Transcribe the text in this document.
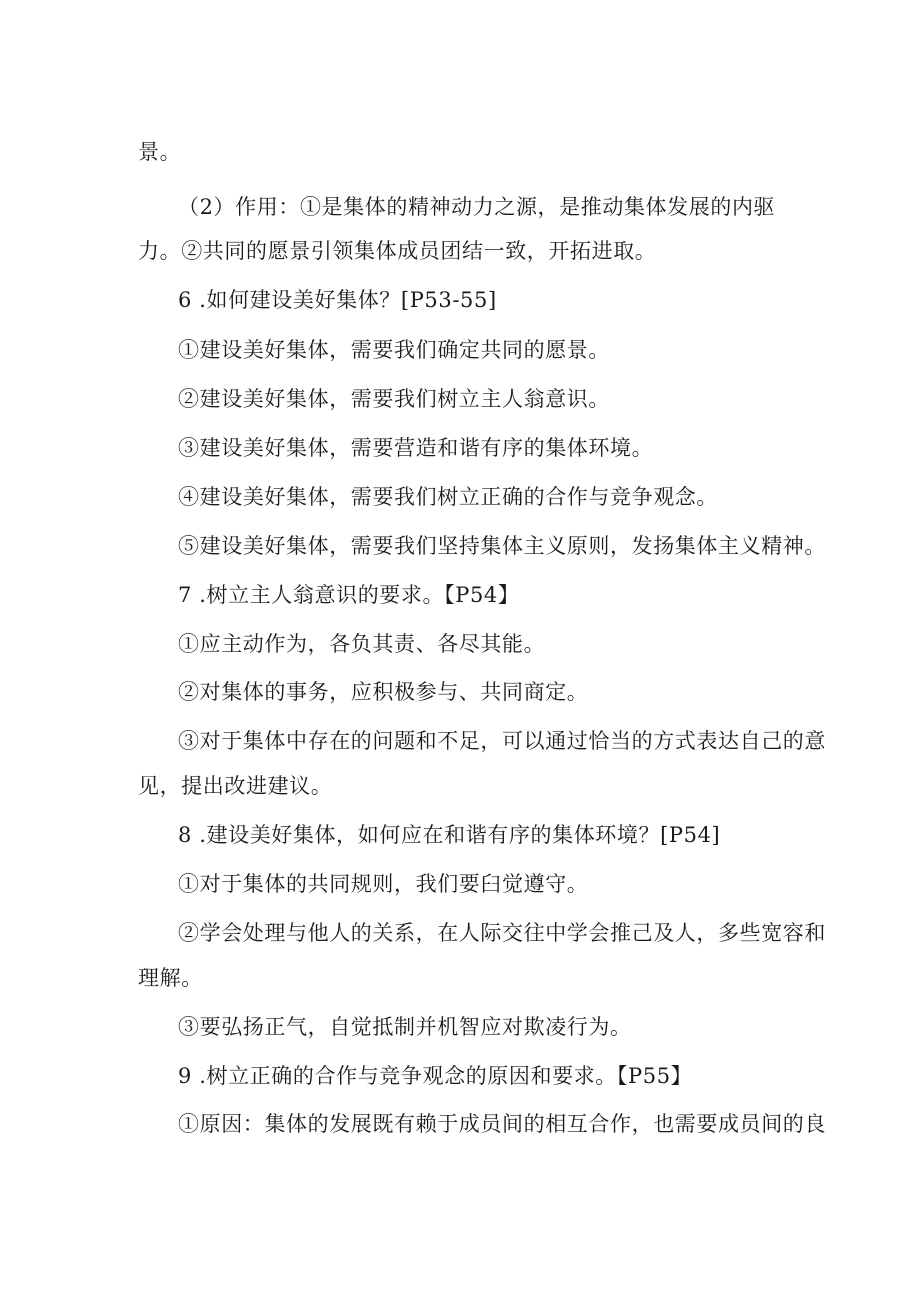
景。
（2）作用：①是集体的精神动力之源，是推动集体发展的内驱
力。②共同的愿景引领集体成员团结一致，开拓进取。
6 .如何建设美好集体？[P53-55]
①建设美好集体，需要我们确定共同的愿景。
②建设美好集体，需要我们树立主人翁意识。
③建设美好集体，需要营造和谐有序的集体环境。
④建设美好集体，需要我们树立正确的合作与竞争观念。
⑤建设美好集体，需要我们坚持集体主义原则，发扬集体主义精神。
7 .树立主人翁意识的要求。【P54】
①应主动作为，各负其责、各尽其能。
②对集体的事务，应积极参与、共同商定。
③对于集体中存在的问题和不足，可以通过恰当的方式表达自己的意
见，提出改进建议。
8 .建设美好集体，如何应在和谐有序的集体环境？[P54]
①对于集体的共同规则，我们要臼觉遵守。
②学会处理与他人的关系，在人际交往中学会推己及人，多些宽容和
理解。
③要弘扬正气，自觉抵制并机智应对欺凌行为。
9 .树立正确的合作与竞争观念的原因和要求。【P55】
①原因：集体的发展既有赖于成员间的相互合作，也需要成员间的良
